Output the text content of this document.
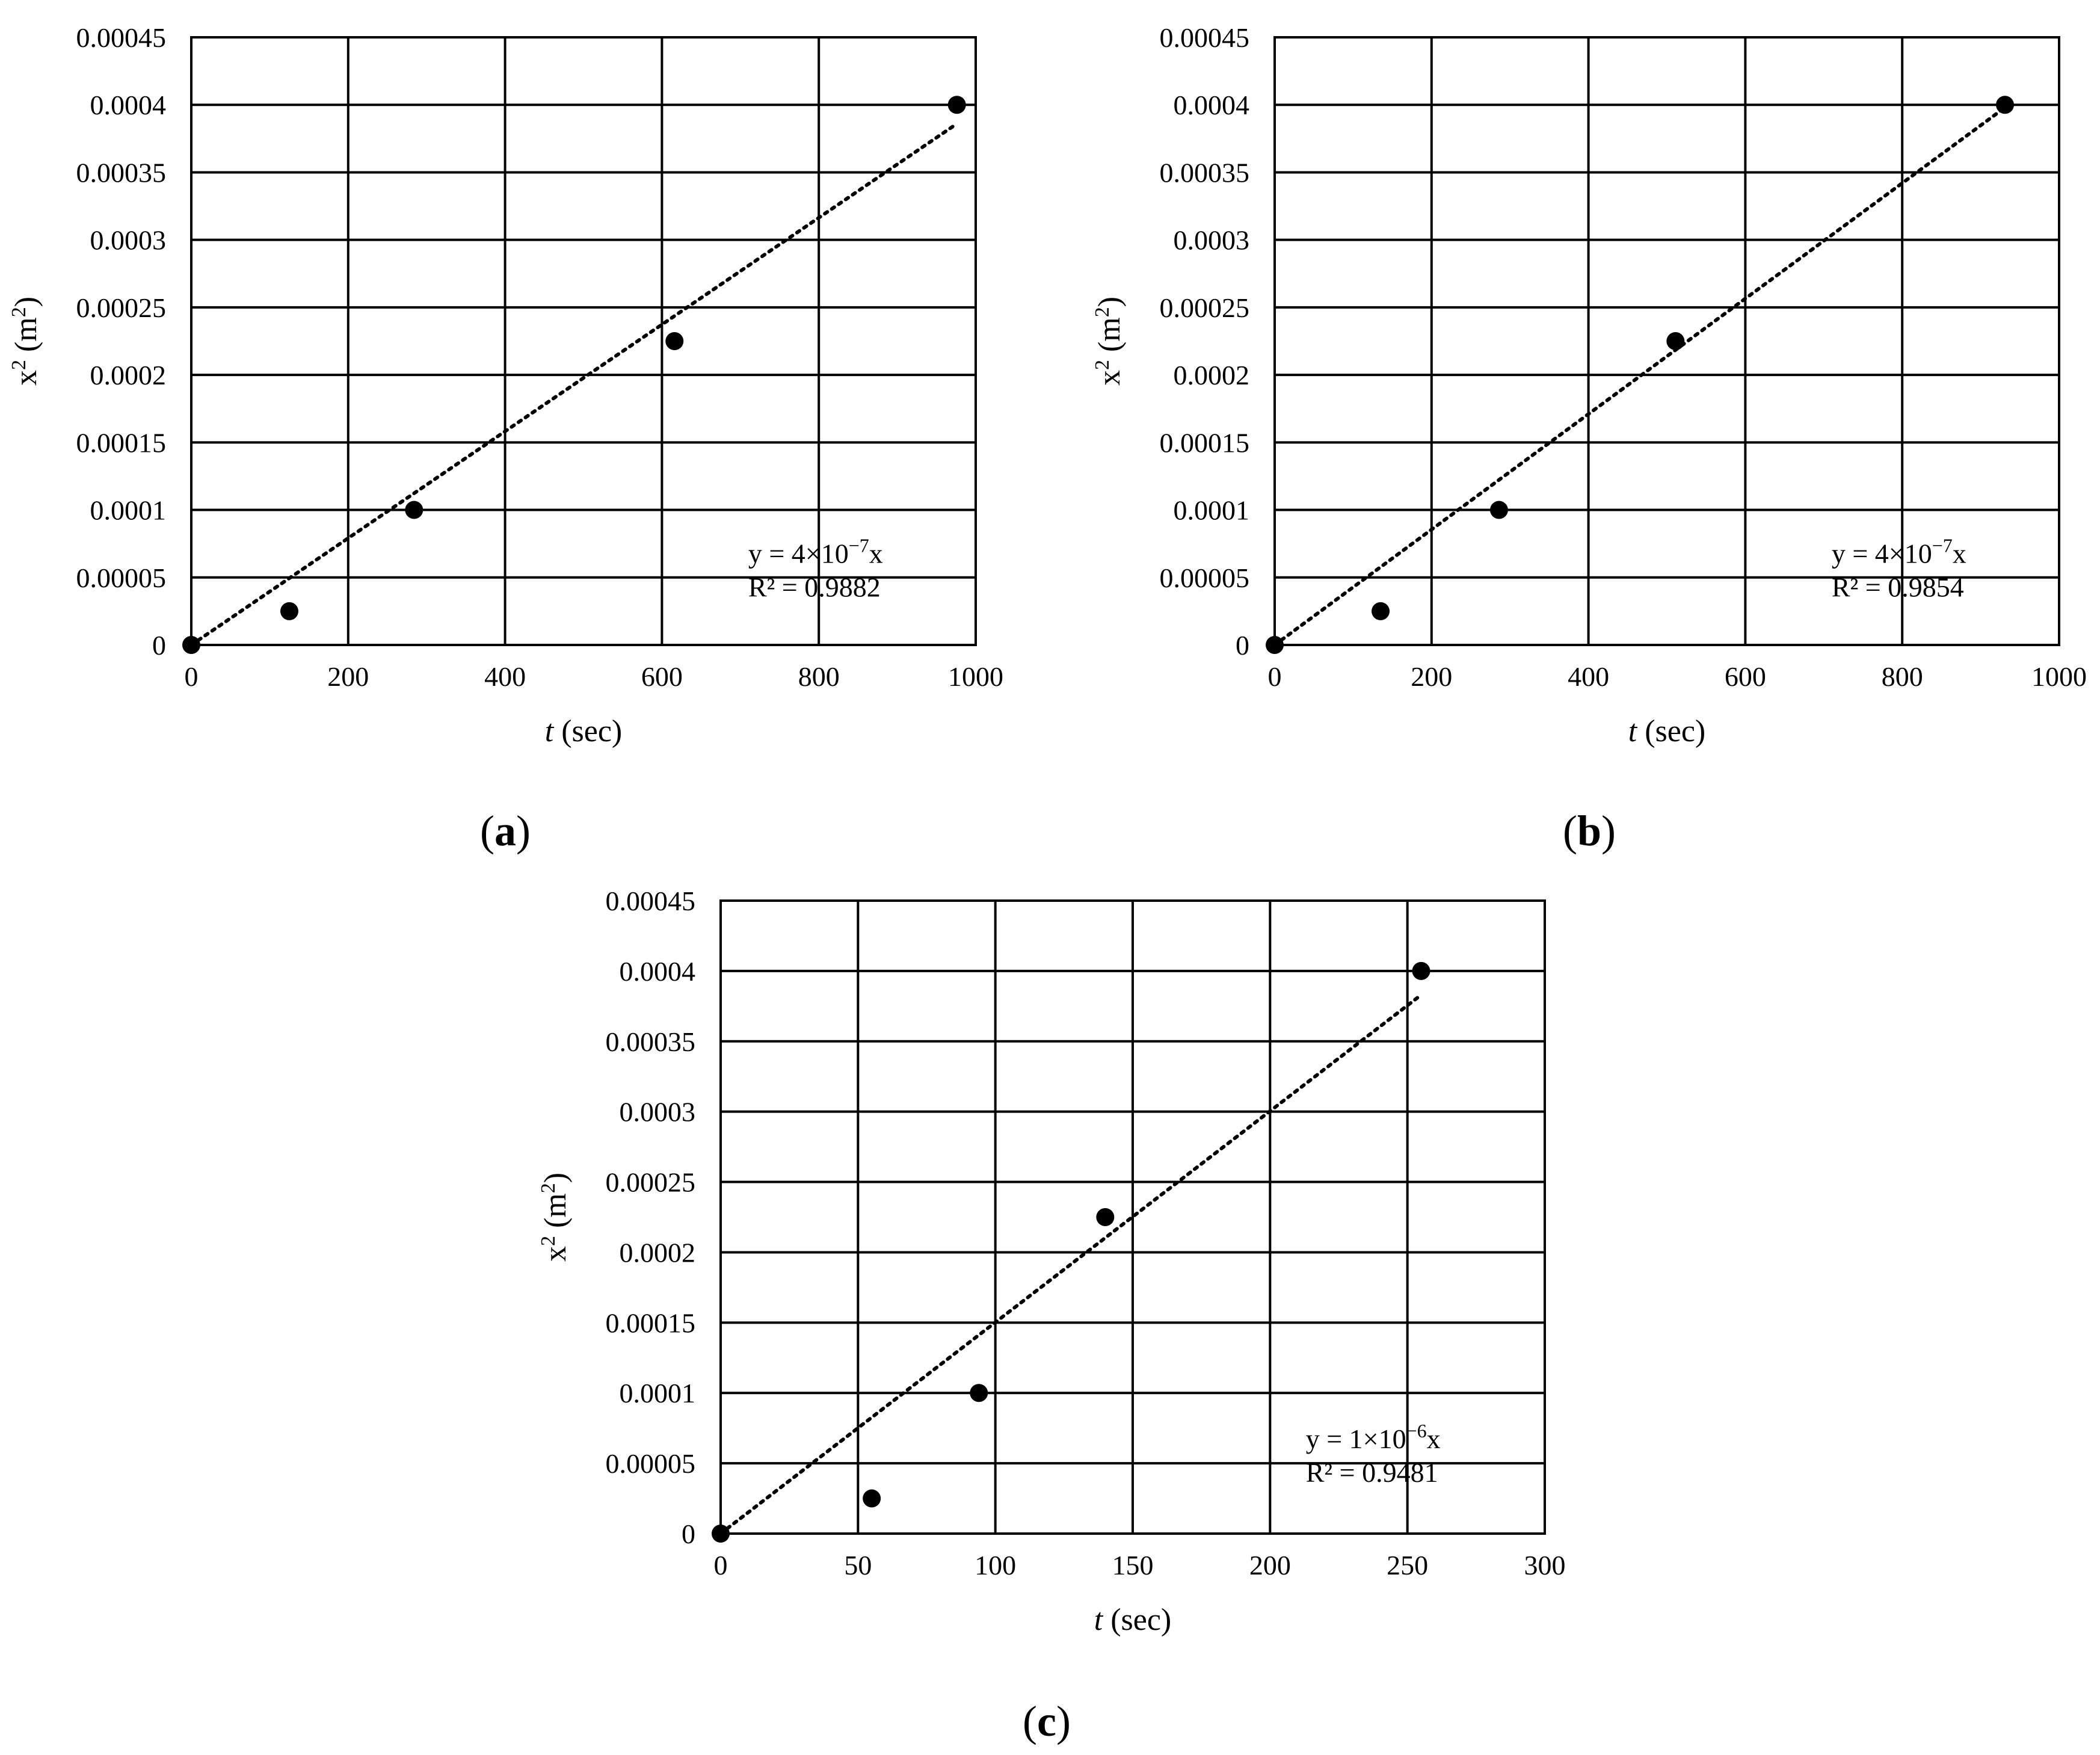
0	200	400	600	800	1000
0
0.00005
0.0001
0.00015
0.0002
0.00025
0.0003
0.00035
0.0004
0.00045
t (sec)
$x^2$ $(m^2)$
$y = 4\times 10^{-7}x$
R² = 0.9882
(a)
0	200	400	600	800	1000
0
0.00005
0.0001
0.00015
0.0002
0.00025
0.0003
0.00035
0.0004
0.00045
t (sec)
$x^2$ $(m^2)$
$y = 4\times 10^{-7}x$
R² = 0.9854
(b)
0	50	100	150	200	250	300
0
0.00005
0.0001
0.00015
0.0002
0.00025
0.0003
0.00035
0.0004
0.00045
t (sec)
$x^2$ $(m^2)$
$y = 1\times 10^{-6}x$
R² = 0.9481
(c)
